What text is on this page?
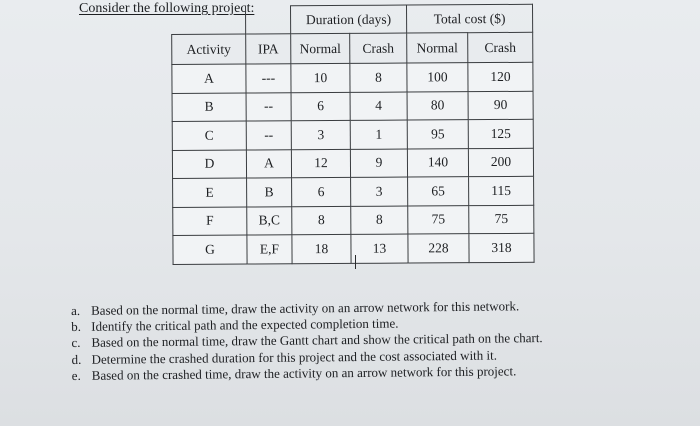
Consider the following project:
		Duration (days)		Total cost ($)	
Activity	IPA	Normal	Crash	Normal	Crash
A	---	10	8	100	120
B	--	6	4	80	90
C	--	3	1	95	125
D	A	12	9	140	200
E	B	6	3	65	115
F	B,C	8	8	75	75
G	E,F	18	13	228	318
a. Based on the normal time, draw the activity on an arrow network for this network.
b. Identify the critical path and the expected completion time.
c. Based on the normal time, draw the Gantt chart and show the critical path on the chart.
d. Determine the crashed duration for this project and the cost associated with it.
e. Based on the crashed time, draw the activity on an arrow network for this project.
